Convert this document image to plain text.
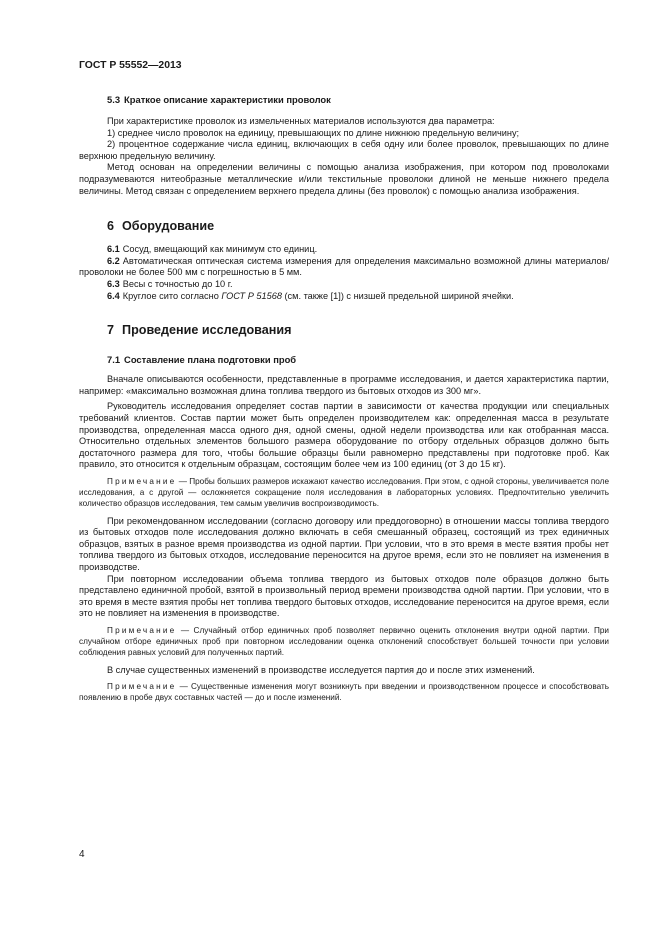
ГОСТ Р 55552—2013

5.3 Краткое описание характеристики проволок

При характеристике проволок из измельченных материалов используются два параметра:

1) среднее число проволок на единицу, превышающих по длине нижнюю предельную величину;

2) процентное содержание числа единиц, включающих в себя одну или более проволок, превышающих по длине верхнюю предельную величину.

Метод основан на определении величины c помощью анализа изображения, при котором под проволоками подразумеваются нитеобразные металлические и/или текстильные проволоки длиной не меньше нижнего предела величины. Метод связан c определением верхнего предела длины (без проволок) c помощью анализа изображения.

6 Оборудование

6.1 Сосуд, вмещающий как минимум сто единиц.

6.2 Автоматическая оптическая система измерения для определения максимально возможной длины материалов/проволоки не более 500 мм c погрешностью в 5 мм.

6.3 Весы c точностью до 10 г.

6.4 Круглое сито согласно ГОСТ Р 51568 (см. также [1]) c низшей предельной шириной ячейки.

7 Проведение исследования

7.1 Составление плана подготовки проб

Вначале описываются особенности, представленные в программе исследования, и дается характеристика партии, например: «максимально возможная длина топлива твердого из бытовых отходов из 300 мг».

Руководитель исследования определяет состав партии в зависимости от качества продукции или специальных требований клиентов. Состав партии может быть определен производителем как: определенная масса в результате производства, определенная масса одного дня, одной смены, одной недели производства или как отобранная масса. Относительно отдельных элементов большого размера оборудование по отбору отдельных образцов должно быть достаточного размера для того, чтобы большие образцы были равномерно представлены при подготовке проб. Как правило, это относится к отдельным образцам, состоящим более чем из 100 единиц (от 3 до 15 кг).

Примечание — Пробы больших размеров искажают качество исследования. При этом, с одной стороны, увеличивается поле исследования, а с другой — осложняется сокращение поля исследования в лабораторных условиях. Предпочтительно увеличить количество образцов исследования, тем самым увеличив воспроизводимость.

При рекомендованном исследовании (согласно договору или преддоговорно) в отношении массы топлива твердого из бытовых отходов поле исследования должно включать в себя смешанный образец, состоящий из трех единичных образцов, взятых в разное время производства из одной партии. При условии, что в это время в месте взятия пробы нет топлива твердого из бытовых отходов, исследование переносится на другое время, если это не повлияет на изменения в производстве.

При повторном исследовании объема топлива твердого из бытовых отходов поле образцов должно быть представлено единичной пробой, взятой в произвольный период времени производства одной партии. При условии, что в это время в месте взятия пробы нет топлива твердого бытовых отходов, исследование переносится на другое время, если это не повлияет на изменения в производстве.

Примечание — Случайный отбор единичных проб позволяет первично оценить отклонения внутри одной партии. При случайном отборе единичных проб при повторном исследовании оценка отклонений способствует большей точности при условии соблюдения равных условий для полученных партий.

В случае существенных изменений в производстве исследуется партия до и после этих изменений.

Примечание — Существенные изменения могут возникнуть при введении и производственном процессе и способствовать появлению в пробе двух составных частей — до и после изменений.

4
